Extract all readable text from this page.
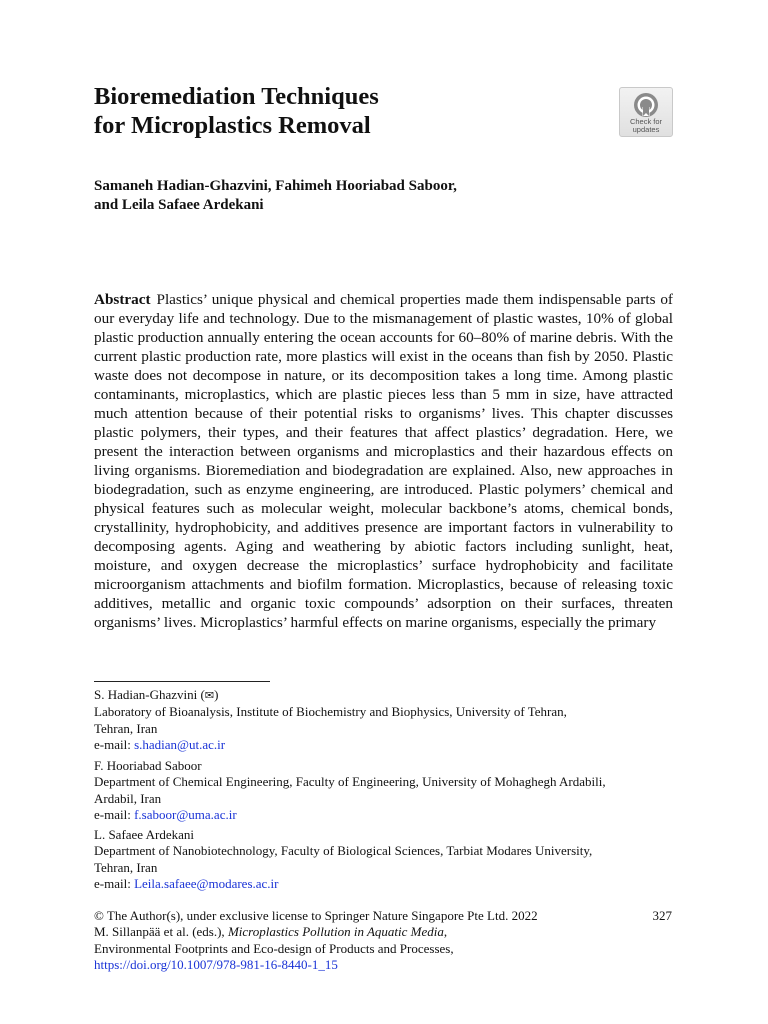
Bioremediation Techniques
for Microplastics Removal	Check for
updates
Samaneh Hadian-Ghazvini, Fahimeh Hooriabad Saboor,
and Leila Safaee Ardekani
Abstract Plastics’ unique physical and chemical properties made them indispensable parts of our everyday life and technology. Due to the mismanagement of plastic wastes, 10% of global plastic production annually entering the ocean accounts for 60–80% of marine debris. With the current plastic production rate, more plastics will exist in the oceans than fish by 2050. Plastic waste does not decompose in nature, or its decomposition takes a long time. Among plastic contaminants, microplastics, which are plastic pieces less than 5 mm in size, have attracted much attention because of their potential risks to organisms’ lives. This chapter discusses plastic polymers, their types, and their features that affect plastics’ degradation. Here, we present the interaction between organisms and microplastics and their hazardous effects on living organisms. Bioremediation and biodegradation are explained. Also, new approaches in biodegradation, such as enzyme engineering, are introduced. Plastic polymers’ chemical and physical features such as molecular weight, molecular backbone’s atoms, chemical bonds, crystallinity, hydrophobicity, and additives presence are important factors in vulnerability to decomposing agents. Aging and weathering by abiotic factors including sunlight, heat, moisture, and oxygen decrease the microplastics’ surface hydrophobicity and facilitate microorganism attachments and biofilm formation. Microplastics, because of releasing toxic additives, metallic and organic toxic compounds’ adsorption on their surfaces, threaten organisms’ lives. Microplastics’ harmful effects on marine organisms, especially the primary
S. Hadian-Ghazvini (✉)
Laboratory of Bioanalysis, Institute of Biochemistry and Biophysics, University of Tehran,
Tehran, Iran
e-mail: s.hadian@ut.ac.ir
F. Hooriabad Saboor
Department of Chemical Engineering, Faculty of Engineering, University of Mohaghegh Ardabili,
Ardabil, Iran
e-mail: f.saboor@uma.ac.ir
L. Safaee Ardekani
Department of Nanobiotechnology, Faculty of Biological Sciences, Tarbiat Modares University,
Tehran, Iran
e-mail: Leila.safaee@modares.ac.ir
© The Author(s), under exclusive license to Springer Nature Singapore Pte Ltd. 2022	327
M. Sillanpää et al. (eds.), Microplastics Pollution in Aquatic Media,
Environmental Footprints and Eco-design of Products and Processes,
https://doi.org/10.1007/978-981-16-8440-1_15
